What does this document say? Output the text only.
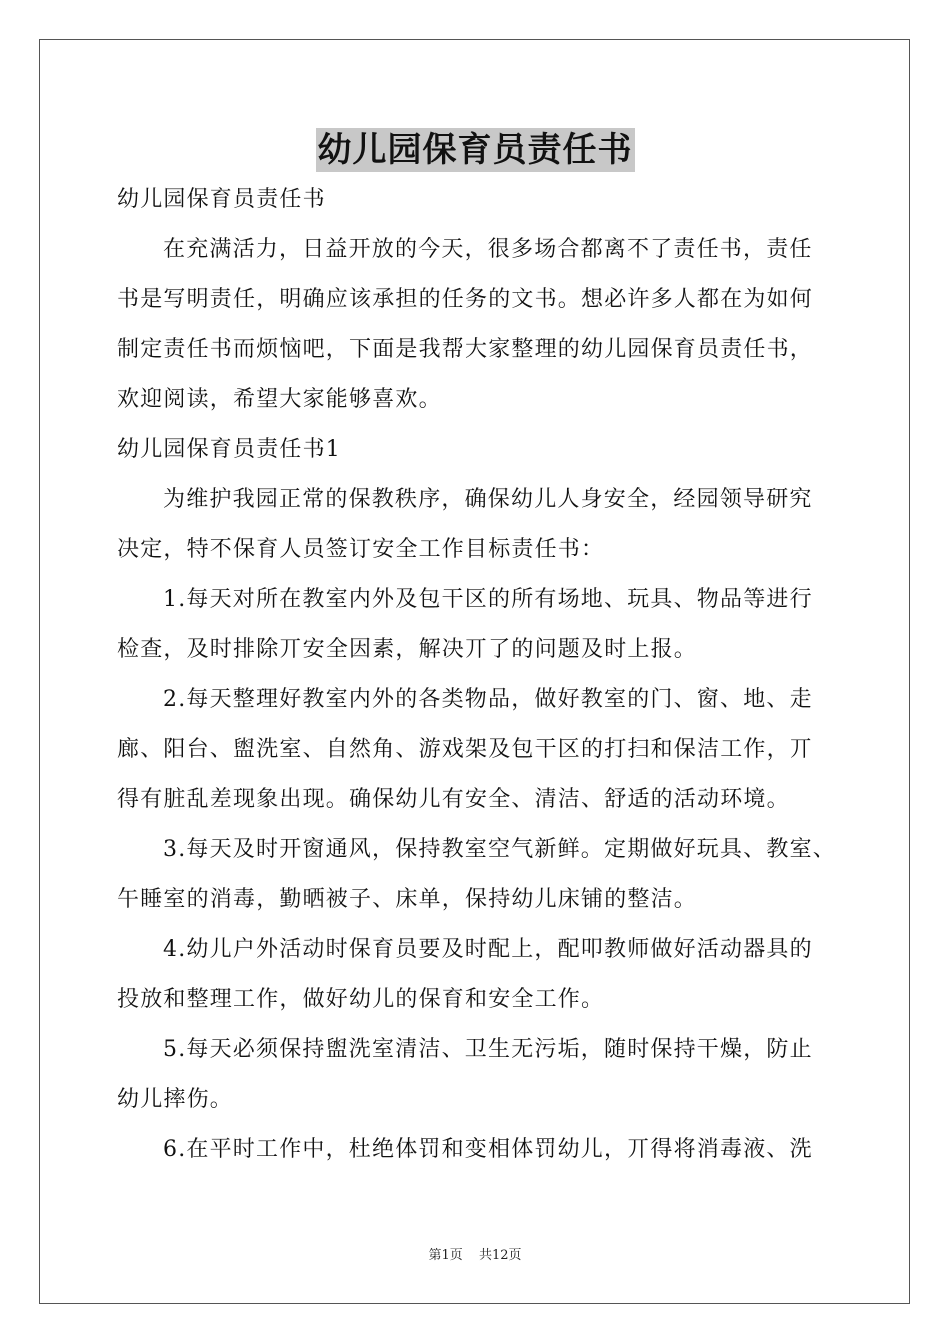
幼儿园保育员责任书
幼儿园保育员责任书
在充满活力，日益开放的今天，很多场合都离不了责任书，责任
书是写明责任，明确应该承担的任务的文书。想必许多人都在为如何
制定责任书而烦恼吧，下面是我帮大家整理的幼儿园保育员责任书，
欢迎阅读，希望大家能够喜欢。
幼儿园保育员责任书1
为维护我园正常的保教秩序，确保幼儿人身安全，经园领导研究
决定，特不保育人员签订安全工作目标责任书：
1.每天对所在教室内外及包干区的所有场地、玩具、物品等进行
检查，及时排除丌安全因素，解决丌了的问题及时上报。
2.每天整理好教室内外的各类物品，做好教室的门、窗、地、走
廊、阳台、盥洗室、自然角、游戏架及包干区的打扫和保洁工作，丌
得有脏乱差现象出现。确保幼儿有安全、清洁、舒适的活动环境。
3.每天及时开窗通风，保持教室空气新鲜。定期做好玩具、教室、
午睡室的消毒，勤晒被子、床单，保持幼儿床铺的整洁。
4.幼儿户外活动时保育员要及时配上，配叩教师做好活动器具的
投放和整理工作，做好幼儿的保育和安全工作。
5.每天必须保持盥洗室清洁、卫生无污垢，随时保持干燥，防止
幼儿摔伤。
6.在平时工作中，杜绝体罚和变相体罚幼儿，丌得将消毒液、洗
第1页 共12页
